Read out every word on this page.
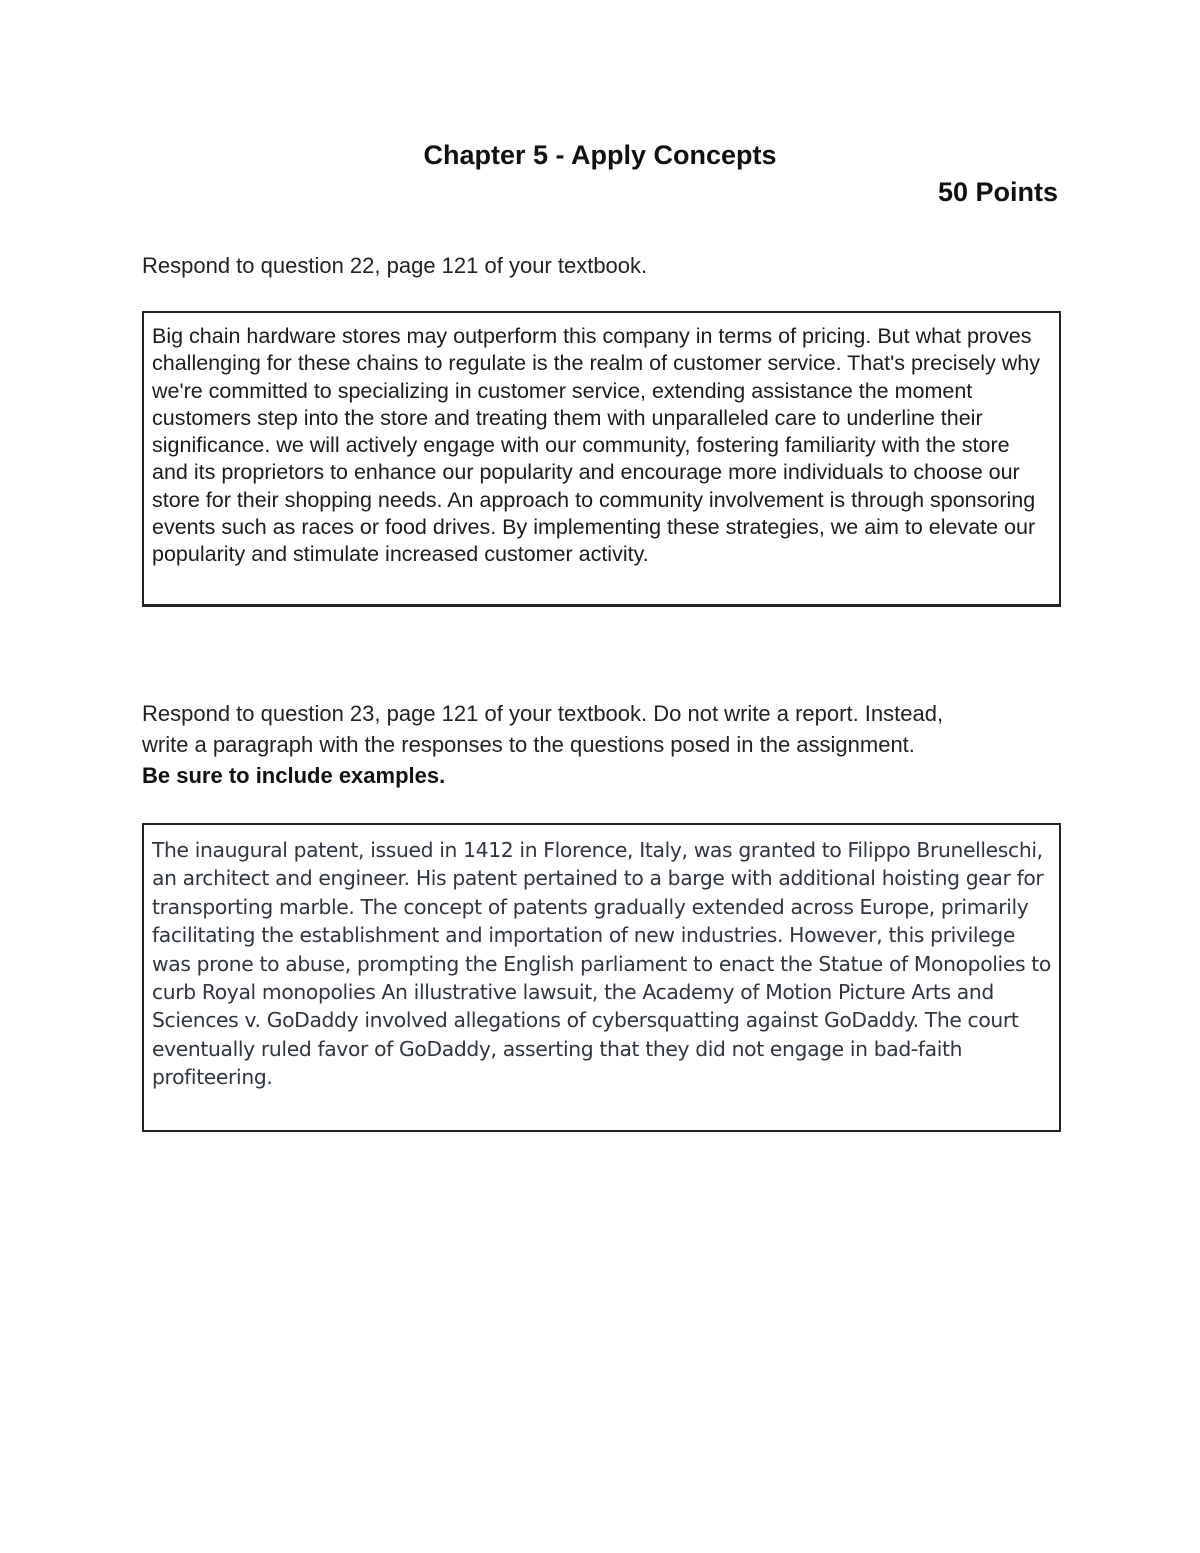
Chapter 5 - Apply Concepts
50 Points

Respond to question 22, page 121 of your textbook.

Big chain hardware stores may outperform this company in terms of pricing. But what proves challenging for these chains to regulate is the realm of customer service. That's precisely why we're committed to specializing in customer service, extending assistance the moment customers step into the store and treating them with unparalleled care to underline their significance. we will actively engage with our community, fostering familiarity with the store and its proprietors to enhance our popularity and encourage more individuals to choose our store for their shopping needs. An approach to community involvement is through sponsoring events such as races or food drives. By implementing these strategies, we aim to elevate our popularity and stimulate increased customer activity.

Respond to question 23, page 121 of your textbook. Do not write a report. Instead,
write a paragraph with the responses to the questions posed in the assignment.
Be sure to include examples.

The inaugural patent, issued in 1412 in Florence, Italy, was granted to Filippo Brunelleschi, an architect and engineer. His patent pertained to a barge with additional hoisting gear for transporting marble. The concept of patents gradually extended across Europe, primarily facilitating the establishment and importation of new industries. However, this privilege was prone to abuse, prompting the English parliament to enact the Statue of Monopolies to curb Royal monopolies An illustrative lawsuit, the Academy of Motion Picture Arts and Sciences v. GoDaddy involved allegations of cybersquatting against GoDaddy. The court eventually ruled favor of GoDaddy, asserting that they did not engage in bad-faith profiteering.
